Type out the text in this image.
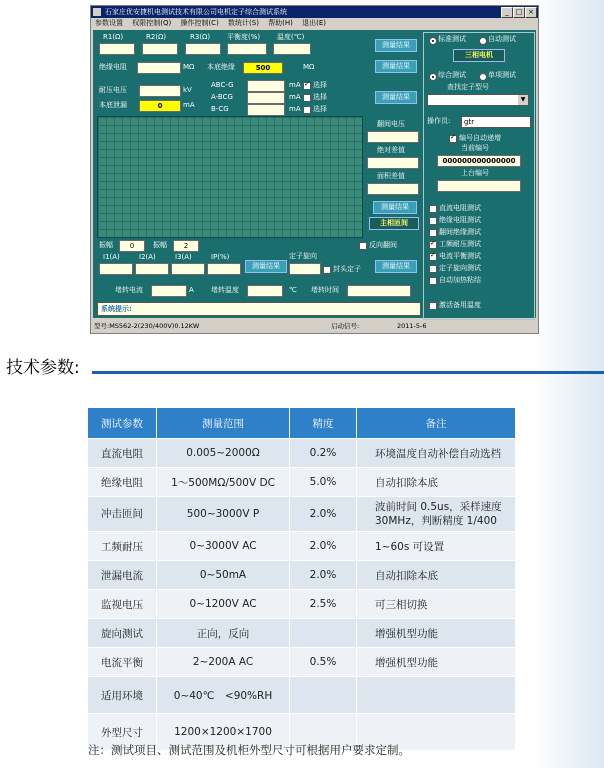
石家庄优安捷机电测试技术有限公司电机定子综合测试系统	_ □ ×
参数设置 权限控制(Q) 操作控制(C) 数统计(S) 帮助(H) 退出(E)
R1(Ω)	R2(Ω)	R3(Ω) 平衡度(%) 温度(℃)
测量结果
绝缘电阻	MΩ 本底绝缘	500	MΩ	测量结果
耐压电压	kV
本底泄漏	0	mA
ABC-G
A-BCG
B-CG
mA
mA
mA
✓
选择
选择
选择
测量结果
翻间电压
绝对差值
面积差值
测量结果
主相匝间
振幅	0	振幅	2	反向翻间
I1(A)	I2(A)	I3(A)	IP(%)
测量结果
定子旋向
封头定子	测量结果
堵转电流	A 堵转温度	℃ 堵转时间
系统提示:
标准测试	自动测试
三相电机
综合测试	单项测试
查找定子型号
▼
操作员:	gtr
✓
编号自动递增
当前编号
000000000000000
上台编号
直流电阻测试
绝缘电阻测试
翻间绝缘测试
✓
工频耐压测试
✓
电流平衡测试
定子旋向测试
自动加热粘结
激活备用温度
型号:MS562-2(230/400V)0.12KW	启动信号:	2011-5-6
技术参数:
测试参数	测量范围	精度	备注
直流电阻	0.005~2000Ω	0.2%	环境温度自动补偿自动选档
绝缘电阻	1～500MΩ/500V DC	5.0%	自动扣除本底
冲击匝间	500~3000V P	2.0%	波前时间 0.5us，采样速度 30MHz，判断精度 1/400
工频耐压	0~3000V AC	2.0%	1~60s 可设置
泄漏电流	0~50mA	2.0%	自动扣除本底
监视电压	0~1200V AC	2.5%	可三相切换
旋向测试	正向，反向		增强机型功能
电流平衡	2~200A AC	0.5%	增强机型功能
适用环境	0~40℃　<90%RH		
外型尺寸	1200×1200×1700		
注：测试项目、测试范围及机柜外型尺寸可根据用户要求定制。
